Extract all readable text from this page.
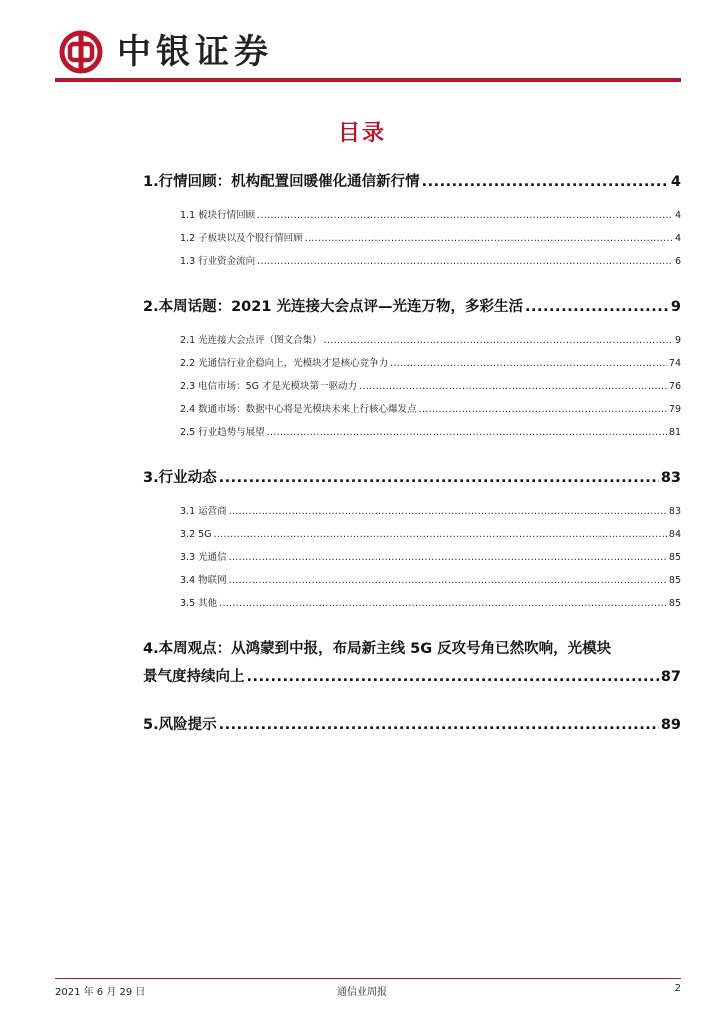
中银证券
目录
1.行情回顾：机构配置回暖催化通信新行情 .....	4
1.1 板块行情回顾 .....	4
1.2 子板块以及个股行情回顾 .....	4
1.3 行业资金流向 .....	6
2.本周话题：2021 光连接大会点评—光连万物，多彩生活 .....	9
2.1 光连接大会点评（图文合集） .....	9
2.2 光通信行业企稳向上，光模块才是核心竞争力 .....	74
2.3 电信市场：5G 才是光模块第一驱动力 .....	76
2.4 数通市场：数据中心将是光模块未来上行核心爆发点 .....	79
2.5 行业趋势与展望 .....	81
3.行业动态 .....	83
3.1 运营商 .....	83
3.2 5G .....	84
3.3 光通信 .....	85
3.4 物联网 .....	85
3.5 其他 .....	85
4.本周观点：从鸿蒙到中报，布局新主线 5G 反攻号角已然吹响，光模块
景气度持续向上 .....	87
5.风险提示 .....	89
2021 年 6 月 29 日	通信业周报	2
